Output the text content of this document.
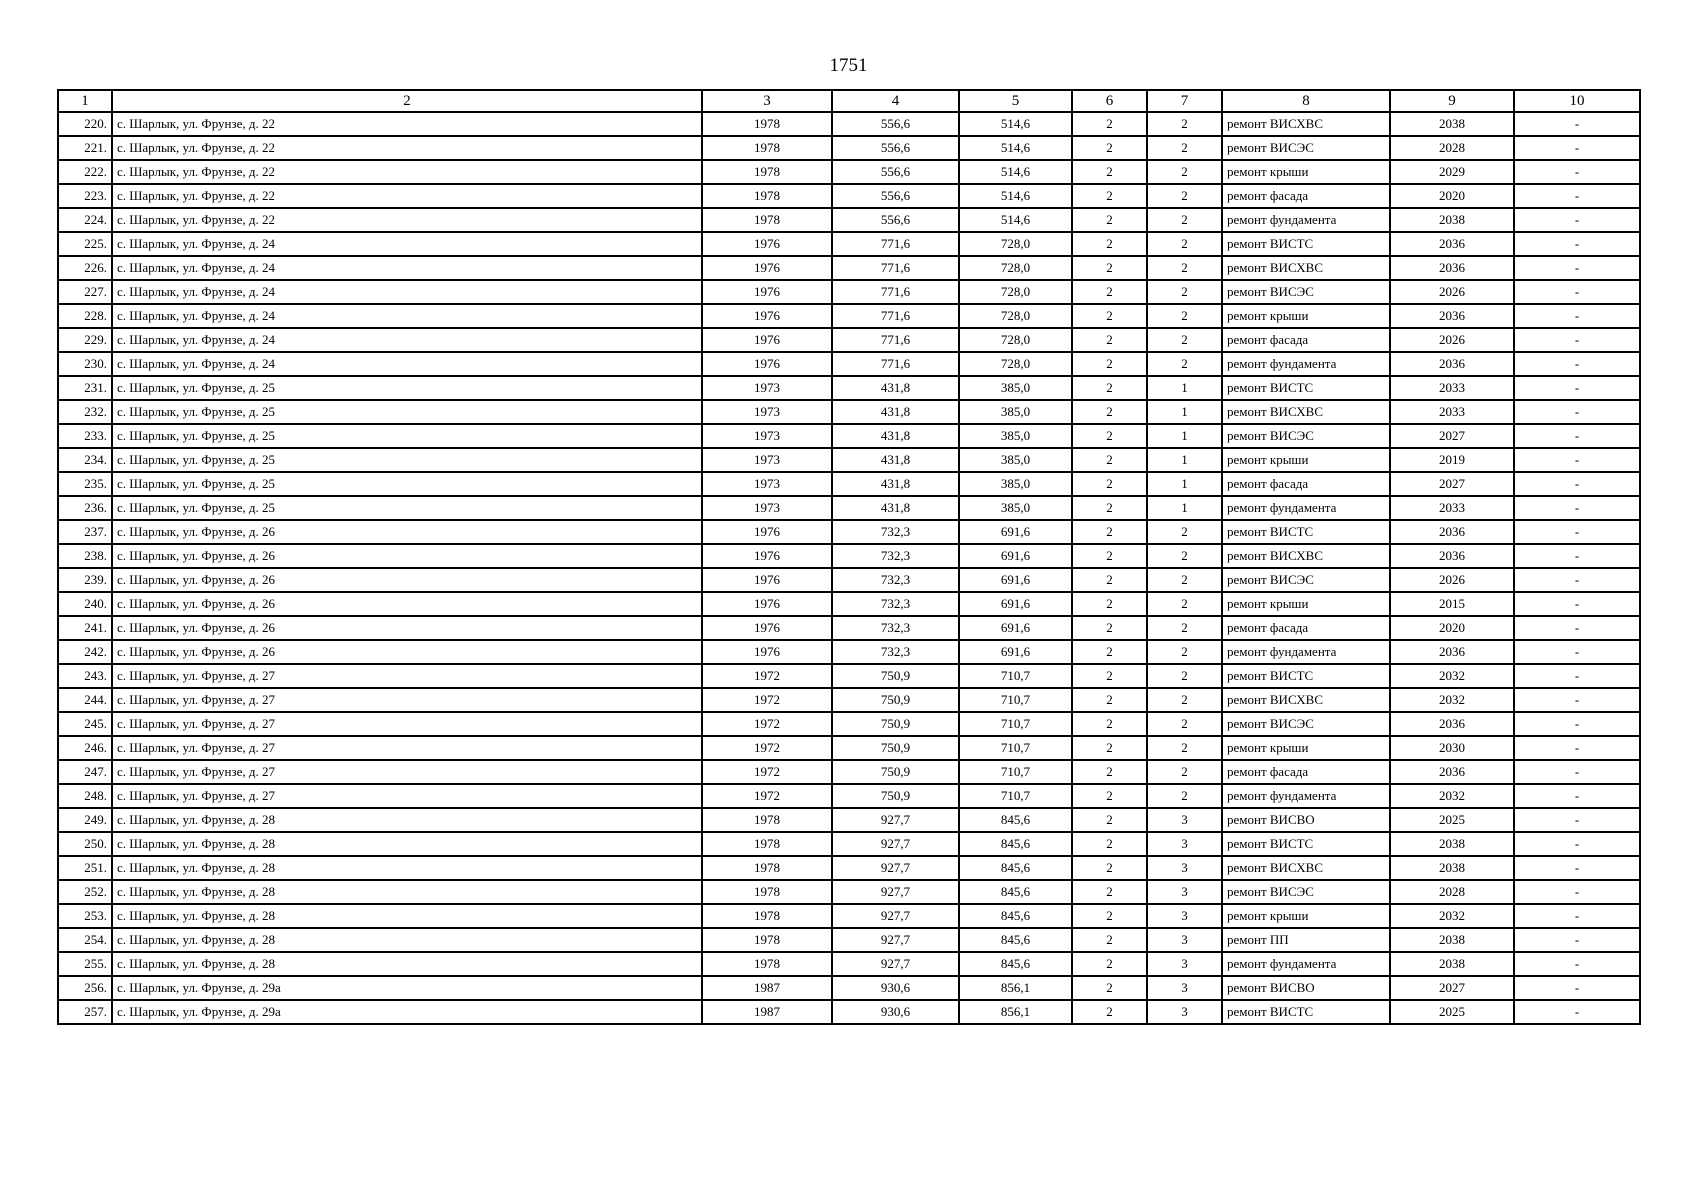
1751
1	2	3	4	5	6	7	8	9	10
220.	с. Шарлык, ул. Фрунзе, д. 22	1978	556,6	514,6	2	2	ремонт ВИСХВС	2038	-
221.	с. Шарлык, ул. Фрунзе, д. 22	1978	556,6	514,6	2	2	ремонт ВИСЭС	2028	-
222.	с. Шарлык, ул. Фрунзе, д. 22	1978	556,6	514,6	2	2	ремонт крыши	2029	-
223.	с. Шарлык, ул. Фрунзе, д. 22	1978	556,6	514,6	2	2	ремонт фасада	2020	-
224.	с. Шарлык, ул. Фрунзе, д. 22	1978	556,6	514,6	2	2	ремонт фундамента	2038	-
225.	с. Шарлык, ул. Фрунзе, д. 24	1976	771,6	728,0	2	2	ремонт ВИСТС	2036	-
226.	с. Шарлык, ул. Фрунзе, д. 24	1976	771,6	728,0	2	2	ремонт ВИСХВС	2036	-
227.	с. Шарлык, ул. Фрунзе, д. 24	1976	771,6	728,0	2	2	ремонт ВИСЭС	2026	-
228.	с. Шарлык, ул. Фрунзе, д. 24	1976	771,6	728,0	2	2	ремонт крыши	2036	-
229.	с. Шарлык, ул. Фрунзе, д. 24	1976	771,6	728,0	2	2	ремонт фасада	2026	-
230.	с. Шарлык, ул. Фрунзе, д. 24	1976	771,6	728,0	2	2	ремонт фундамента	2036	-
231.	с. Шарлык, ул. Фрунзе, д. 25	1973	431,8	385,0	2	1	ремонт ВИСТС	2033	-
232.	с. Шарлык, ул. Фрунзе, д. 25	1973	431,8	385,0	2	1	ремонт ВИСХВС	2033	-
233.	с. Шарлык, ул. Фрунзе, д. 25	1973	431,8	385,0	2	1	ремонт ВИСЭС	2027	-
234.	с. Шарлык, ул. Фрунзе, д. 25	1973	431,8	385,0	2	1	ремонт крыши	2019	-
235.	с. Шарлык, ул. Фрунзе, д. 25	1973	431,8	385,0	2	1	ремонт фасада	2027	-
236.	с. Шарлык, ул. Фрунзе, д. 25	1973	431,8	385,0	2	1	ремонт фундамента	2033	-
237.	с. Шарлык, ул. Фрунзе, д. 26	1976	732,3	691,6	2	2	ремонт ВИСТС	2036	-
238.	с. Шарлык, ул. Фрунзе, д. 26	1976	732,3	691,6	2	2	ремонт ВИСХВС	2036	-
239.	с. Шарлык, ул. Фрунзе, д. 26	1976	732,3	691,6	2	2	ремонт ВИСЭС	2026	-
240.	с. Шарлык, ул. Фрунзе, д. 26	1976	732,3	691,6	2	2	ремонт крыши	2015	-
241.	с. Шарлык, ул. Фрунзе, д. 26	1976	732,3	691,6	2	2	ремонт фасада	2020	-
242.	с. Шарлык, ул. Фрунзе, д. 26	1976	732,3	691,6	2	2	ремонт фундамента	2036	-
243.	с. Шарлык, ул. Фрунзе, д. 27	1972	750,9	710,7	2	2	ремонт ВИСТС	2032	-
244.	с. Шарлык, ул. Фрунзе, д. 27	1972	750,9	710,7	2	2	ремонт ВИСХВС	2032	-
245.	с. Шарлык, ул. Фрунзе, д. 27	1972	750,9	710,7	2	2	ремонт ВИСЭС	2036	-
246.	с. Шарлык, ул. Фрунзе, д. 27	1972	750,9	710,7	2	2	ремонт крыши	2030	-
247.	с. Шарлык, ул. Фрунзе, д. 27	1972	750,9	710,7	2	2	ремонт фасада	2036	-
248.	с. Шарлык, ул. Фрунзе, д. 27	1972	750,9	710,7	2	2	ремонт фундамента	2032	-
249.	с. Шарлык, ул. Фрунзе, д. 28	1978	927,7	845,6	2	3	ремонт ВИСВО	2025	-
250.	с. Шарлык, ул. Фрунзе, д. 28	1978	927,7	845,6	2	3	ремонт ВИСТС	2038	-
251.	с. Шарлык, ул. Фрунзе, д. 28	1978	927,7	845,6	2	3	ремонт ВИСХВС	2038	-
252.	с. Шарлык, ул. Фрунзе, д. 28	1978	927,7	845,6	2	3	ремонт ВИСЭС	2028	-
253.	с. Шарлык, ул. Фрунзе, д. 28	1978	927,7	845,6	2	3	ремонт крыши	2032	-
254.	с. Шарлык, ул. Фрунзе, д. 28	1978	927,7	845,6	2	3	ремонт ПП	2038	-
255.	с. Шарлык, ул. Фрунзе, д. 28	1978	927,7	845,6	2	3	ремонт фундамента	2038	-
256.	с. Шарлык, ул. Фрунзе, д. 29а	1987	930,6	856,1	2	3	ремонт ВИСВО	2027	-
257.	с. Шарлык, ул. Фрунзе, д. 29а	1987	930,6	856,1	2	3	ремонт ВИСТС	2025	-
